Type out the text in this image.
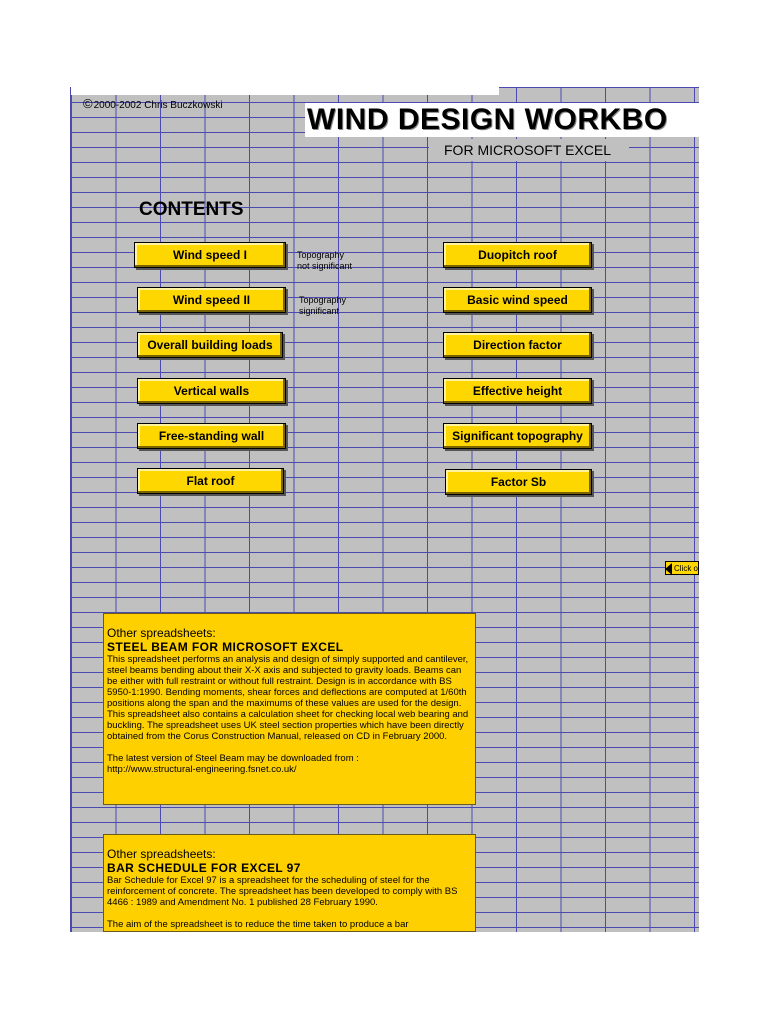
©2000-2002 Chris Buczkowski	WIND DESIGN WORKBO
FOR MICROSOFT EXCEL
CONTENTS
Wind speed I	Topography
not significant
Wind speed II	Topography
significant
Overall building loads
Vertical walls
Free-standing wall
Flat roof
Duopitch roof
Basic wind speed
Direction factor
Effective height
Significant topography
Factor Sb
Click o
Other spreadsheets:
STEEL BEAM FOR MICROSOFT EXCEL

This spreadsheet performs an analysis and design of simply supported and cantilever, steel beams bending about their X-X axis and subjected to gravity loads. Beams can be either with full restraint or without full restraint. Design is in accordance with BS 5950-1:1990. Bending moments, shear forces and deflections are computed at 1/60th positions along the span and the maximums of these values are used for the design. This spreadsheet also contains a calculation sheet for checking local web bearing and buckling. The spreadsheet uses UK steel section properties which have been directly obtained from the Corus Construction Manual, released on CD in February 2000.

The latest version of Steel Beam may be downloaded from :

http://www.structural-engineering.fsnet.co.uk/

Other spreadsheets:
BAR SCHEDULE FOR EXCEL 97

Bar Schedule for Excel 97 is a spreadsheet for the scheduling of steel for the reinforcement of concrete. The spreadsheet has been developed to comply with BS 4466 : 1989 and Amendment No. 1 published 28 February 1990.

The aim of the spreadsheet is to reduce the time taken to produce a bar
